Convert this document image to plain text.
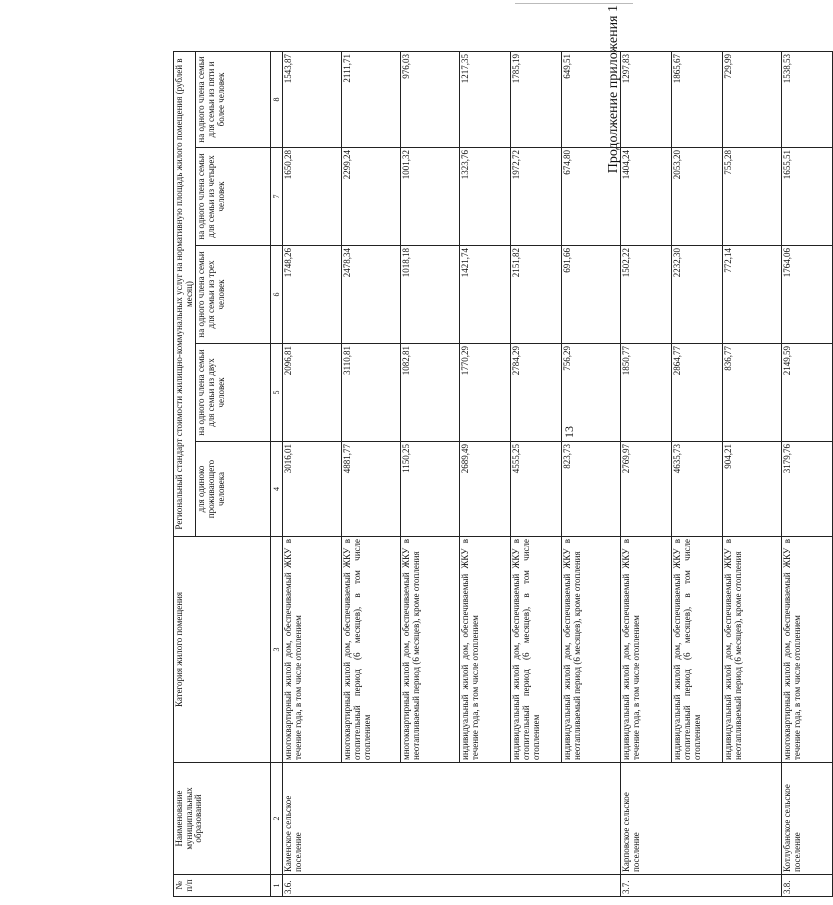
13
Продолжение приложения 1
№ п/п	Наименование муниципальных образований	Категория жилого помещения	Региональный стандарт стоимости жилищно-коммунальных услуг на нормативную площадь жилого помещения (рублей в месяц)				
			для одиноко проживающего человека	на одного члена семьи для семьи из двух человек	на одного члена семьи для семьи из трех человек	на одного члена семьи для семьи из четырех человек	на одного члена семьи для семьи из пяти и более человек
1	2	3	4	5	6	7	8
3.6.	Каменское сельское поселение	многоквартирный жилой дом, обеспечиваемый ЖКУ в течение года, в том числе отоплением	3016,01	2096,81	1748,26	1650,28	1543,87
		многоквартирный жилой дом, обеспечиваемый ЖКУ в отопительный период (6 месяцев), в том числе отоплением	4881,77	3110,81	2478,34	2299,24	2111,71
		многоквартирный жилой дом, обеспечиваемый ЖКУ в неотапливаемый период (6 месяцев), кроме отопления	1150,25	1082,81	1018,18	1001,32	976,03
		индивидуальный жилой дом, обеспечиваемый ЖКУ в течение года, в том числе отоплением	2689,49	1770,29	1421,74	1323,76	1217,35
		индивидуальный жилой дом, обеспечиваемый ЖКУ в отопительный период (6 месяцев), в том числе отоплением	4555,25	2784,29	2151,82	1972,72	1785,19
		индивидуальный жилой дом, обеспечиваемый ЖКУ в неотапливаемый период (6 месяцев), кроме отопления	823,73	756,29	691,66	674,80	649,51
3.7.	Карповское сельское поселение	индивидуальный жилой дом, обеспечиваемый ЖКУ в течение года, в том числе отоплением	2769,97	1850,77	1502,22	1404,24	1297,83
		индивидуальный жилой дом, обеспечиваемый ЖКУ в отопительный период (6 месяцев), в том числе отоплением	4635,73	2864,77	2232,30	2053,20	1865,67
		индивидуальный жилой дом, обеспечиваемый ЖКУ в неотапливаемый период (6 месяцев), кроме отопления	904,21	836,77	772,14	755,28	729,99
3.8.	Котлубанское сельское поселение	многоквартирный жилой дом, обеспечиваемый ЖКУ в течение года, в том числе отоплением	3179,76	2149,59	1764,06	1655,51	1538,53
